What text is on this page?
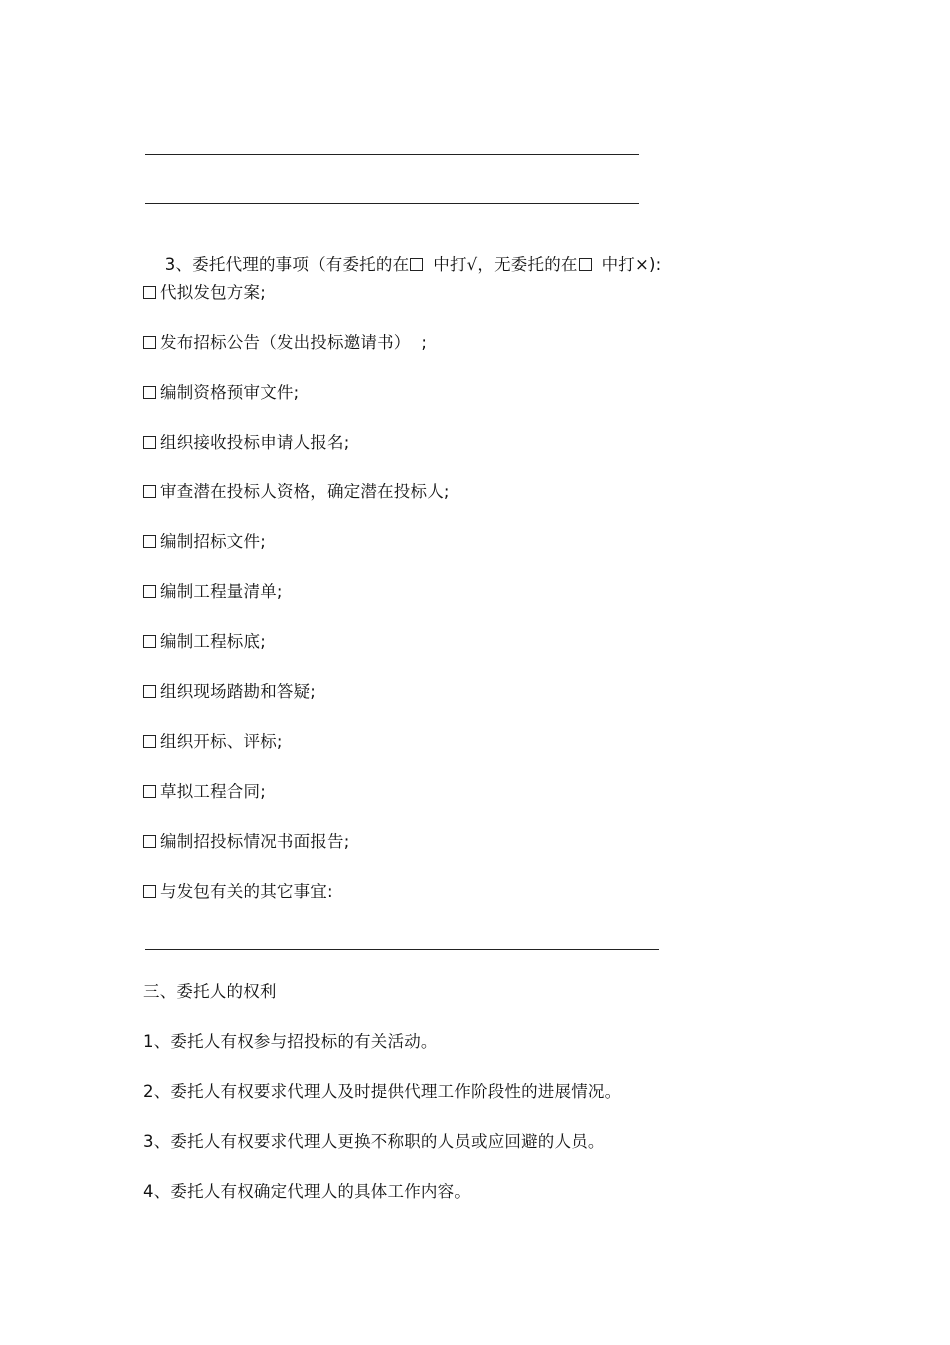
3、委托代理的事项（有委托的在 中打√，无委托的在 中打×):

代拟发包方案;
发布招标公告（发出投标邀请书）  ;
编制资格预审文件;
组织接收投标申请人报名;
审查潜在投标人资格，确定潜在投标人;
编制招标文件;
编制工程量清单;
编制工程标底;
组织现场踏勘和答疑;
组织开标、评标;
草拟工程合同;
编制招投标情况书面报告;
与发包有关的其它事宜:
三、委托人的权利
1、委托人有权参与招投标的有关活动。
2、委托人有权要求代理人及时提供代理工作阶段性的进展情况。
3、委托人有权要求代理人更换不称职的人员或应回避的人员。
4、委托人有权确定代理人的具体工作内容。
